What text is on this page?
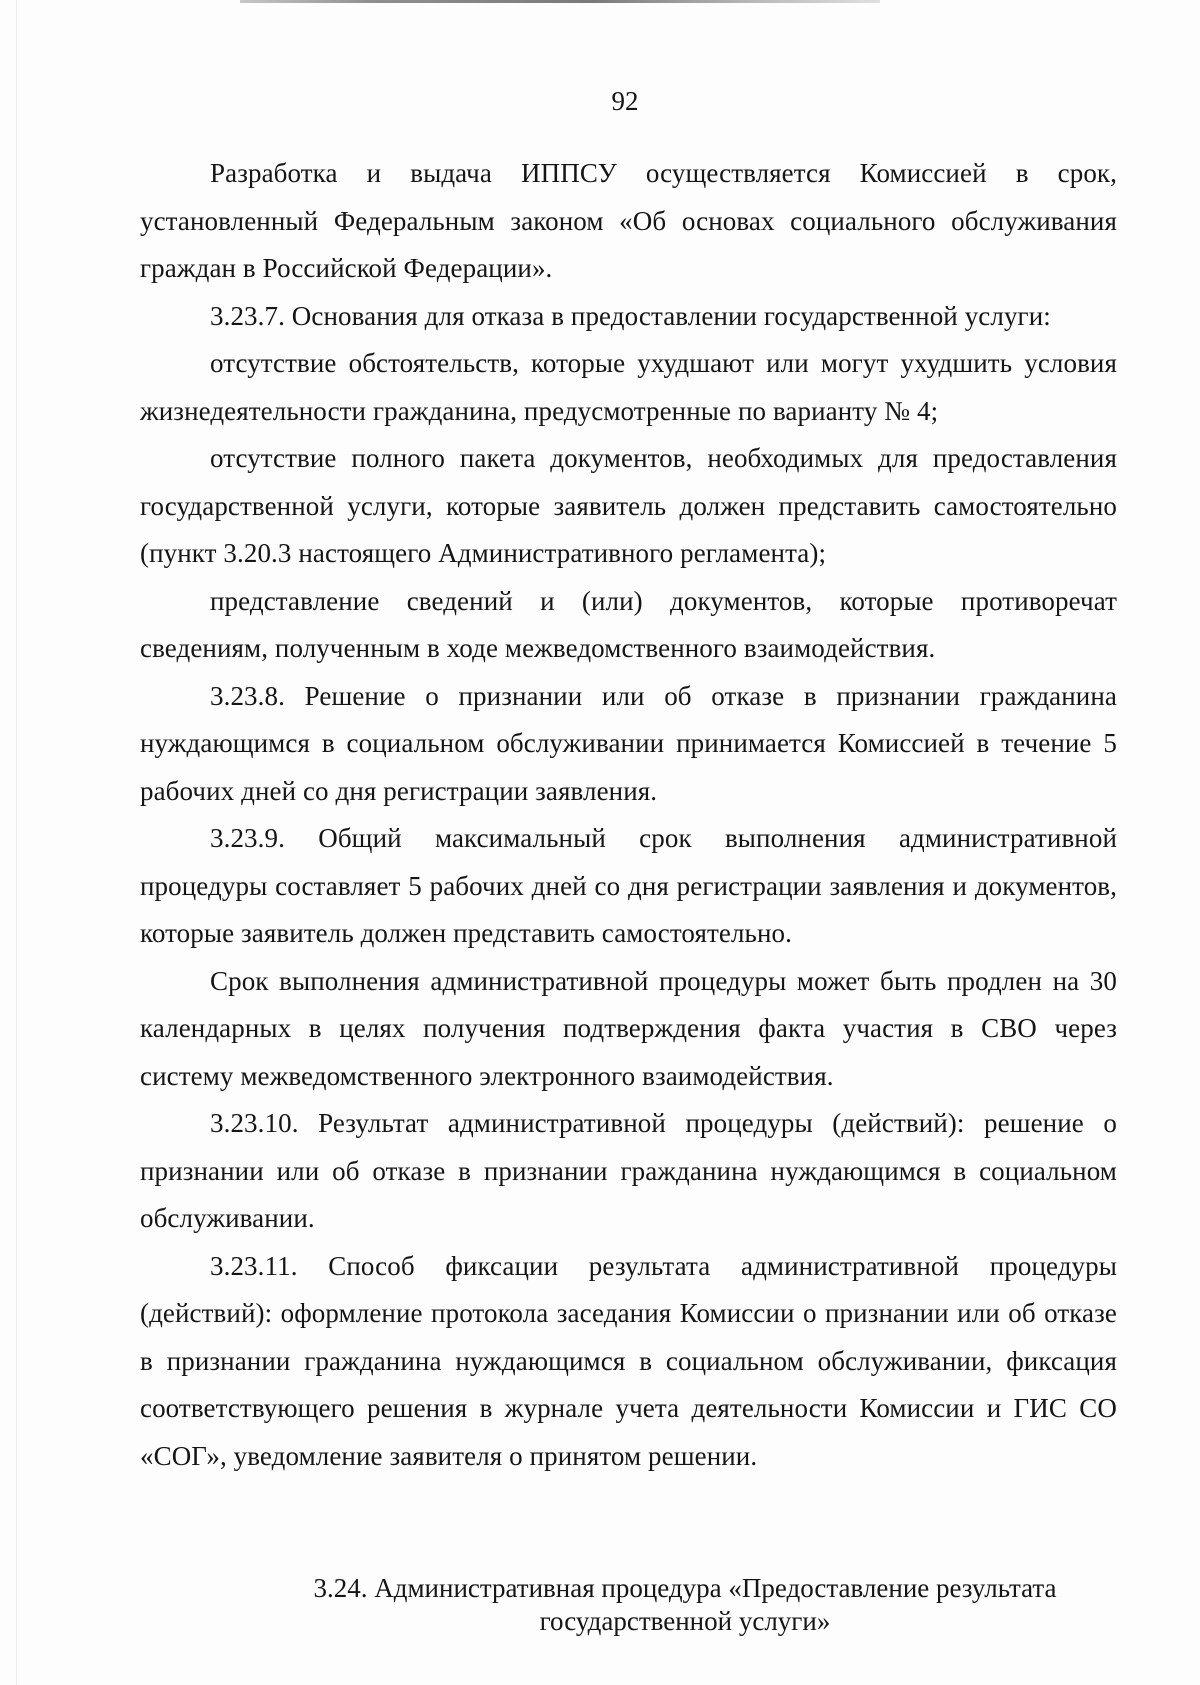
92

Разработка и выдача ИППСУ осуществляется Комиссией в срок, установленный Федеральным законом «Об основах социального обслуживания граждан в Российской Федерации».

3.23.7. Основания для отказа в предоставлении государственной услуги:

отсутствие обстоятельств, которые ухудшают или могут ухудшить условия жизнедеятельности гражданина, предусмотренные по варианту № 4;

отсутствие полного пакета документов, необходимых для предоставления государственной услуги, которые заявитель должен представить самостоятельно (пункт 3.20.3 настоящего Административного регламента);

представление сведений и (или) документов, которые противоречат сведениям, полученным в ходе межведомственного взаимодействия.

3.23.8. Решение о признании или об отказе в признании гражданина нуждающимся в социальном обслуживании принимается Комиссией в течение 5 рабочих дней со дня регистрации заявления.

3.23.9. Общий максимальный срок выполнения административной процедуры составляет 5 рабочих дней со дня регистрации заявления и документов, которые заявитель должен представить самостоятельно.

Срок выполнения административной процедуры может быть продлен на 30 календарных в целях получения подтверждения факта участия в СВО через систему межведомственного электронного взаимодействия.

3.23.10. Результат административной процедуры (действий): решение о признании или об отказе в признании гражданина нуждающимся в социальном обслуживании.

3.23.11. Способ фиксации результата административной процедуры (действий): оформление протокола заседания Комиссии о признании или об отказе в признании гражданина нуждающимся в социальном обслуживании, фиксация соответствующего решения в журнале учета деятельности Комиссии и ГИС СО «СОГ», уведомление заявителя о принятом решении.

3.24. Административная процедура «Предоставление результата
государственной услуги»
